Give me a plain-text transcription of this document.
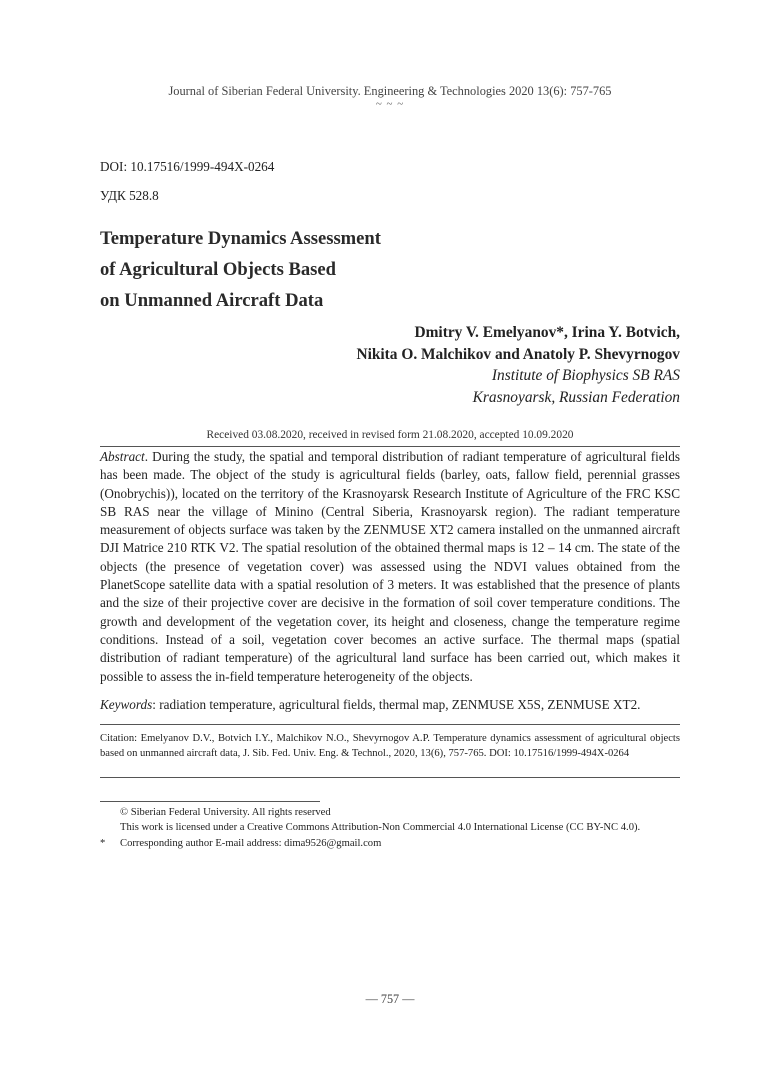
Journal of Siberian Federal University. Engineering & Technologies 2020 13(6): 757-765
~ ~ ~
DOI: 10.17516/1999-494X-0264
УДК 528.8
Temperature Dynamics Assessment
of Agricultural Objects Based
on Unmanned Aircraft Data
Dmitry V. Emelyanov*, Irina Y. Botvich,
Nikita O. Malchikov and Anatoly P. Shevyrnogov
Institute of Biophysics SB RAS
Krasnoyarsk, Russian Federation
Received 03.08.2020, received in revised form 21.08.2020, accepted 10.09.2020
Abstract. During the study, the spatial and temporal distribution of radiant temperature of agricultural fields has been made. The object of the study is agricultural fields (barley, oats, fallow field, perennial grasses (Onobrychis)), located on the territory of the Krasnoyarsk Research Institute of Agriculture of the FRC KSC SB RAS near the village of Minino (Central Siberia, Krasnoyarsk region). The radiant temperature measurement of objects surface was taken by the ZENMUSE XT2 camera installed on the unmanned aircraft DJI Matrice 210 RTK V2. The spatial resolution of the obtained thermal maps is 12 – 14 cm. The state of the objects (the presence of vegetation cover) was assessed using the NDVI values obtained from the PlanetScope satellite data with a spatial resolution of 3 meters. It was established that the presence of plants and the size of their projective cover are decisive in the formation of soil cover temperature conditions. The growth and development of the vegetation cover, its height and closeness, change the temperature regime conditions. Instead of a soil, vegetation cover becomes an active surface. The thermal maps (spatial distribution of radiant temperature) of the agricultural land surface has been carried out, which makes it possible to assess the in-field temperature heterogeneity of the objects.
Keywords: radiation temperature, agricultural fields, thermal map, ZENMUSE X5S, ZENMUSE XT2.
Citation: Emelyanov D.V., Botvich I.Y., Malchikov N.O., Shevyrnogov A.P. Temperature dynamics assessment of agricultural objects based on unmanned aircraft data, J. Sib. Fed. Univ. Eng. & Technol., 2020, 13(6), 757-765. DOI: 10.17516/1999-494X-0264
© Siberian Federal University. All rights reserved
This work is licensed under a Creative Commons Attribution-Non Commercial 4.0 International License (CC BY-NC 4.0).
* Corresponding author E-mail address: dima9526@gmail.com
— 757 —
